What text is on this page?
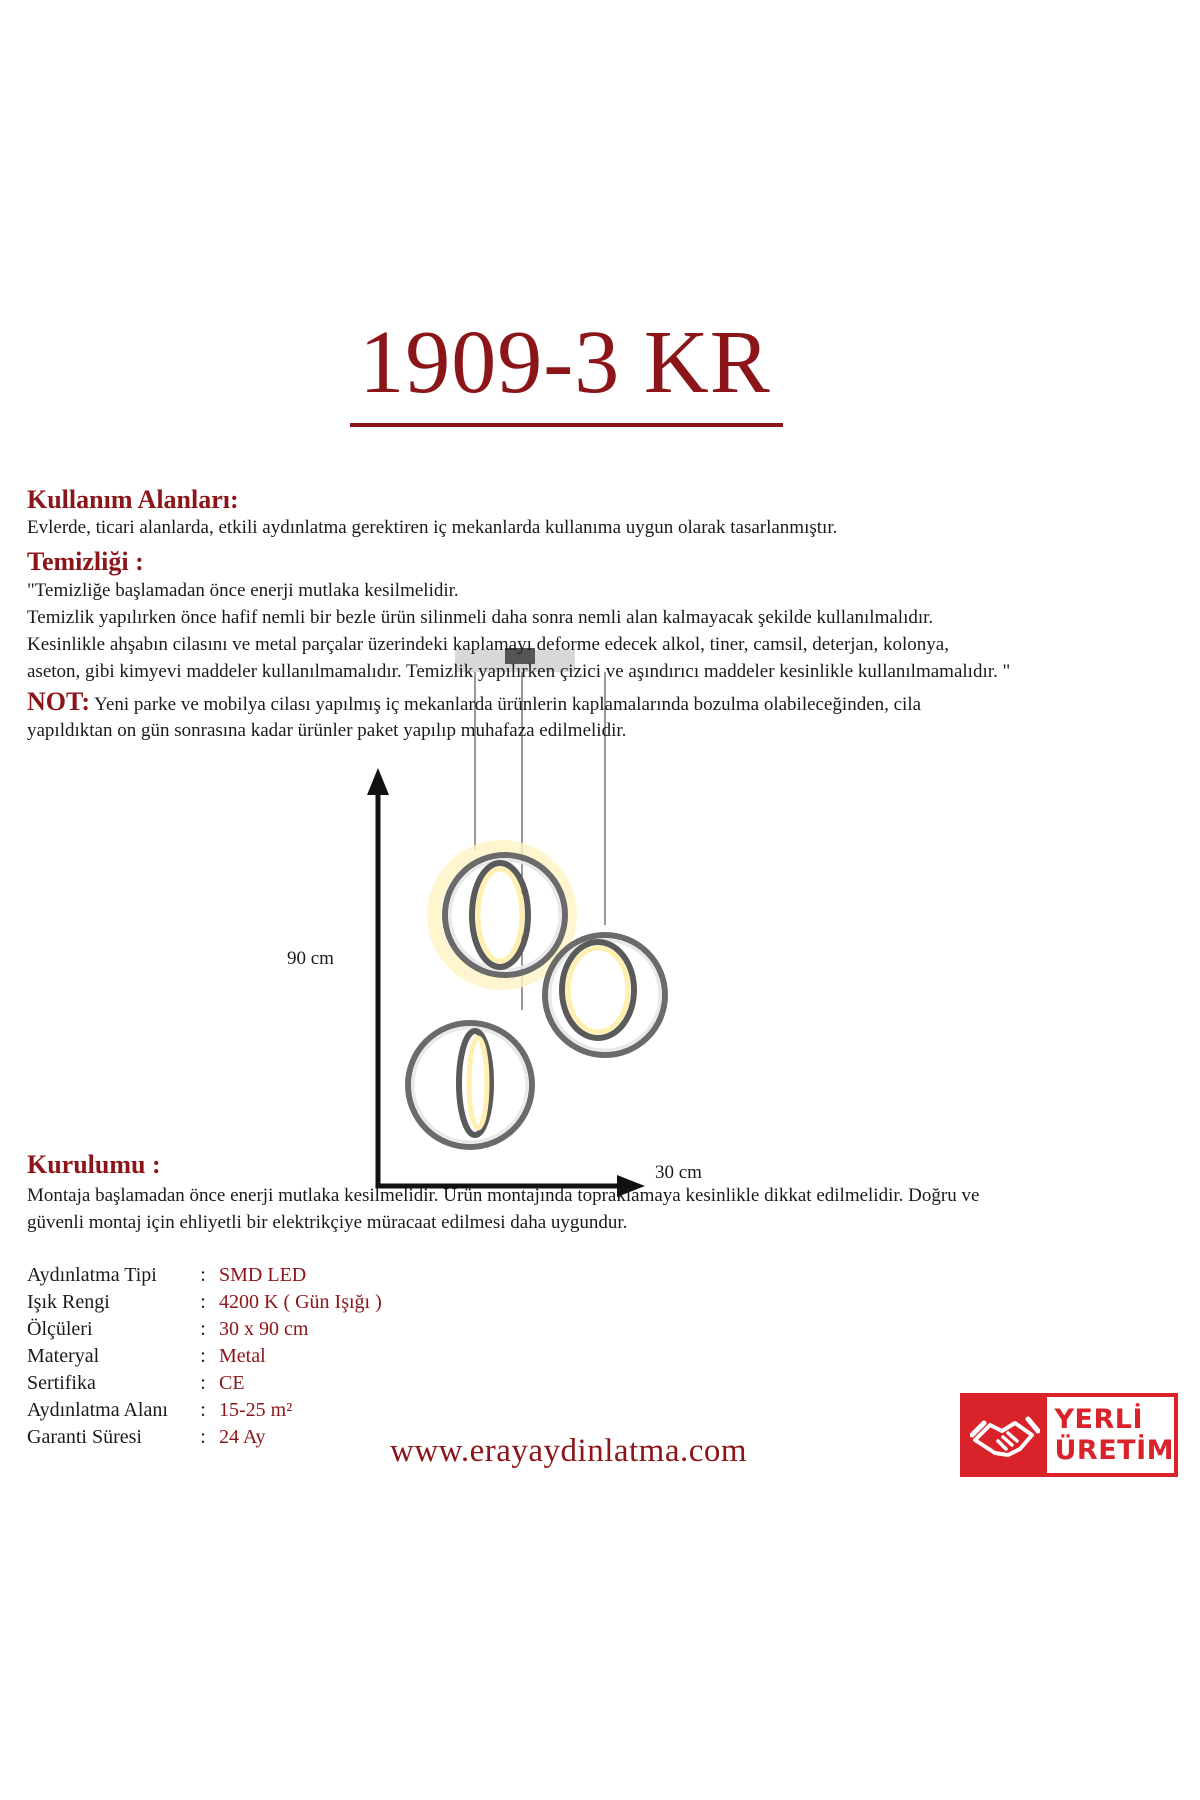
1909-3 KR
Kullanım Alanları:
Evlerde, ticari alanlarda, etkili aydınlatma gerektiren iç mekanlarda kullanıma uygun olarak tasarlanmıştır.
Temizliği :
"Temizliğe başlamadan önce enerji mutlaka kesilmelidir.
Temizlik yapılırken önce hafif nemli bir bezle ürün silinmeli daha sonra nemli alan kalmayacak şekilde kullanılmalıdır.
Kesinlikle ahşabın cilasını ve metal parçalar üzerindeki kaplamayı deforme edecek alkol, tiner, camsil, deterjan, kolonya,
aseton, gibi kimyevi maddeler kullanılmamalıdır. Temizlik yapılırken çizici ve aşındırıcı maddeler kesinlikle kullanılmamalıdır. "
NOT: Yeni parke ve mobilya cilası yapılmış iç mekanlarda ürünlerin kaplamalarında bozulma olabileceğinden, cila
yapıldıktan on gün sonrasına kadar ürünler paket yapılıp muhafaza edilmelidir.
90 cm
30 cm
Kurulumu :
Montaja başlamadan önce enerji mutlaka kesilmelidir. Ürün montajında topraklamaya kesinlikle dikkat edilmelidir. Doğru ve
güvenli montaj için ehliyetli bir elektrikçiye müracaat edilmesi daha uygundur.
Aydınlatma Tipi	:	SMD LED
Işık Rengi	:	4200 K ( Gün Işığı )
Ölçüleri	:	30 x 90 cm
Materyal	:	Metal
Sertifika	:	CE
Aydınlatma Alanı	:	15-25 m²
Garanti Süresi	:	24 Ay	www.erayaydinlatma.com
YERLİ
ÜRETİM
